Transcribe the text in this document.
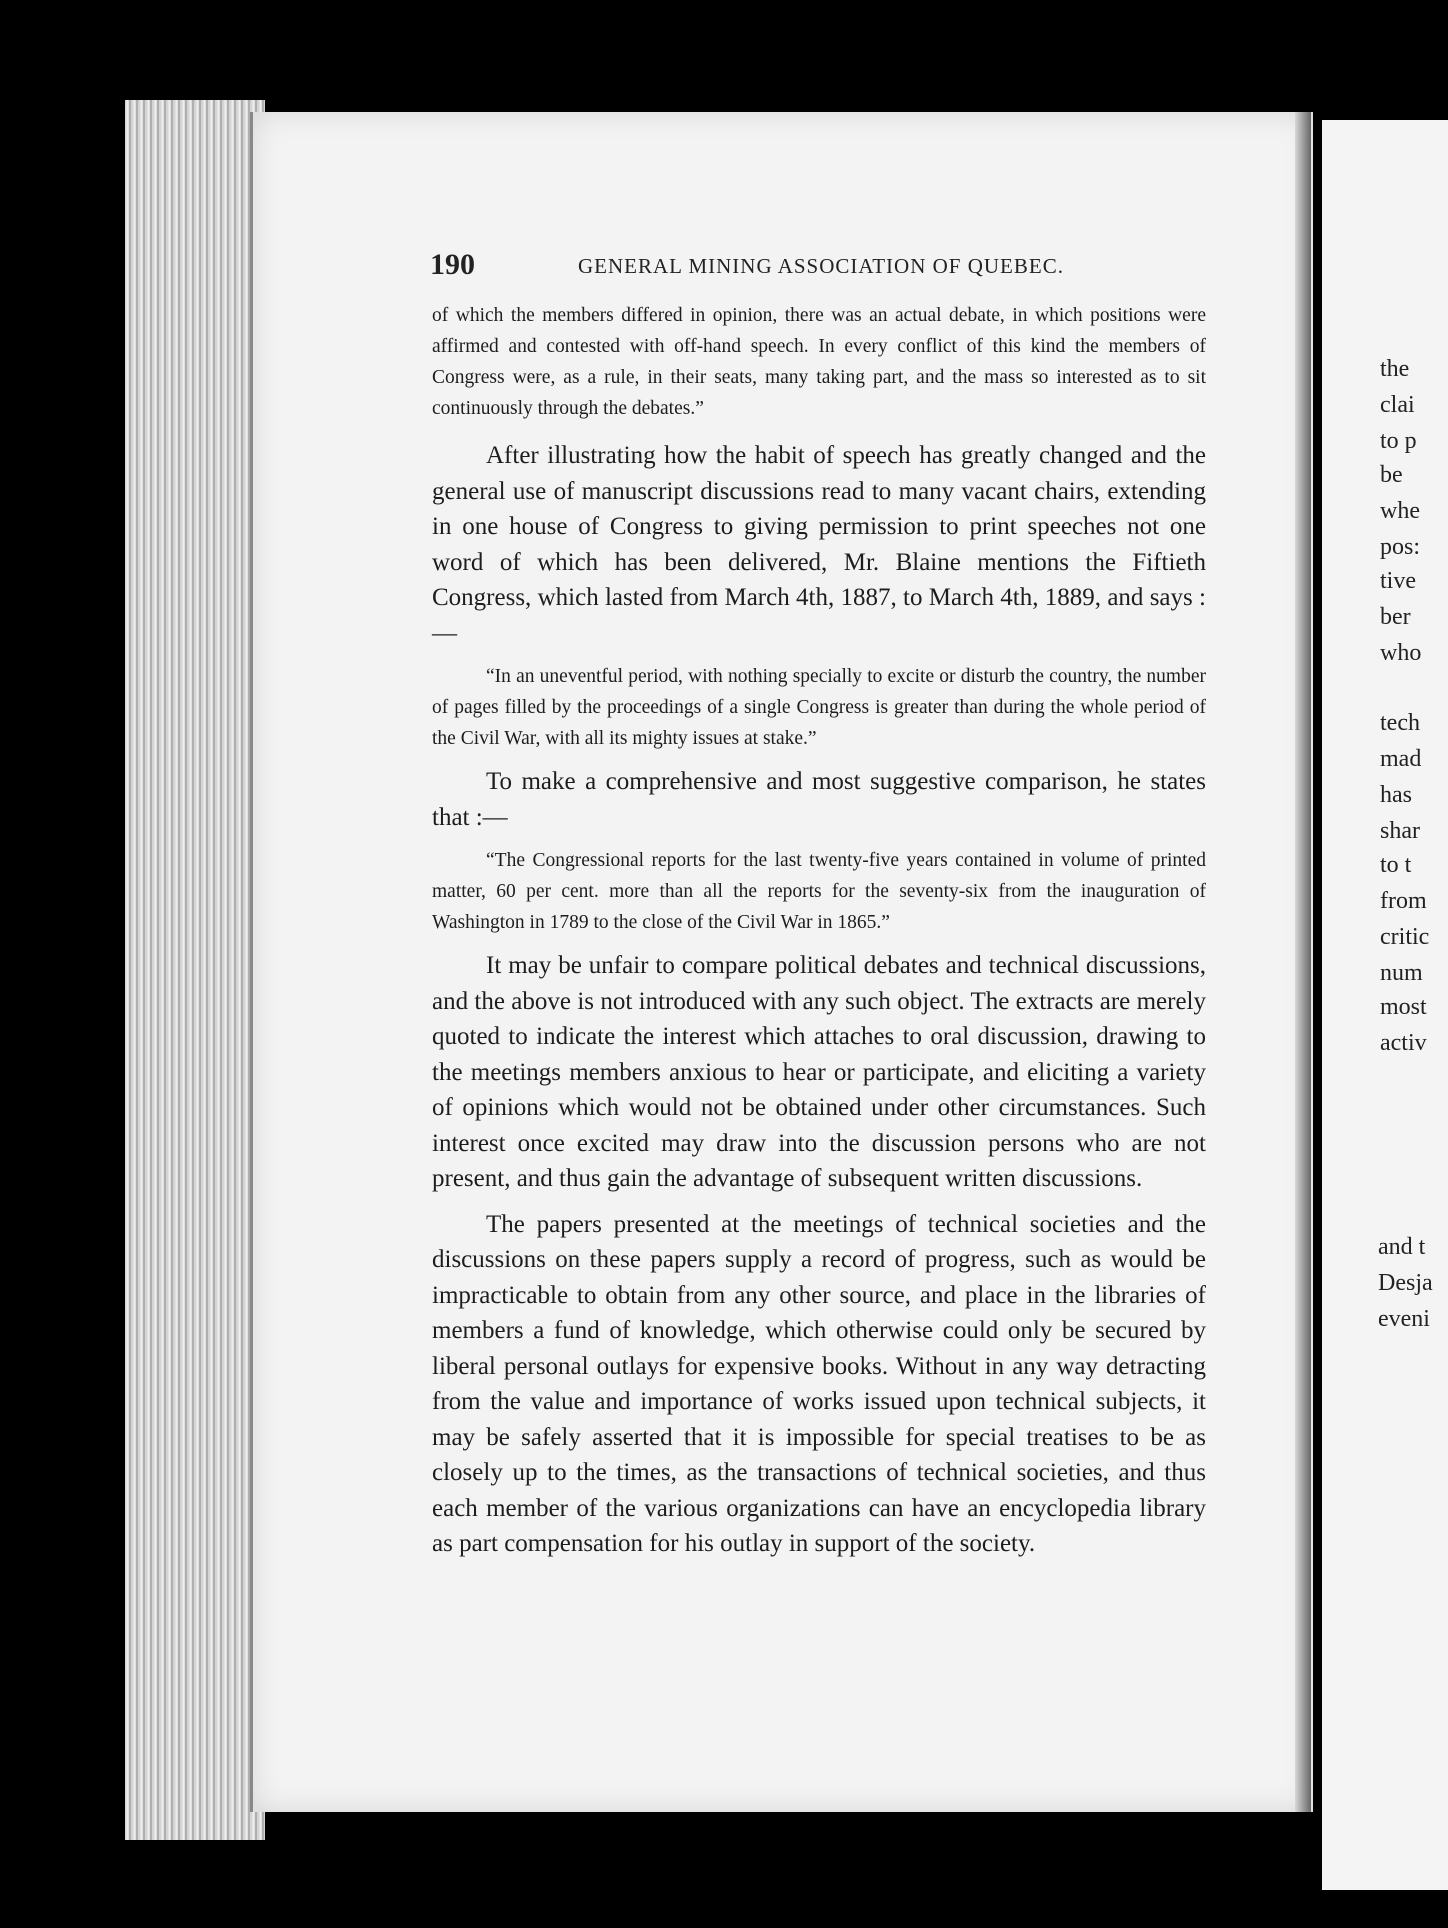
190	GENERAL MINING ASSOCIATION OF QUEBEC.

of which the members differed in opinion, there was an actual debate, in which positions were affirmed and contested with off-hand speech. In every conflict of this kind the members of Congress were, as a rule, in their seats, many taking part, and the mass so interested as to sit continuously through the debates.”

After illustrating how the habit of speech has greatly changed and the general use of manuscript discussions read to many vacant chairs, extending in one house of Congress to giving permission to print speeches not one word of which has been delivered, Mr. Blaine mentions the Fiftieth Congress, which lasted from March 4th, 1887, to March 4th, 1889, and says :—

“In an uneventful period, with nothing specially to excite or disturb the country, the number of pages filled by the proceedings of a single Congress is greater than during the whole period of the Civil War, with all its mighty issues at stake.”

To make a comprehensive and most suggestive comparison, he states that :—

“The Congressional reports for the last twenty-five years contained in volume of printed matter, 60 per cent. more than all the reports for the seventy-six from the inauguration of Washington in 1789 to the close of the Civil War in 1865.”

It may be unfair to compare political debates and technical discussions, and the above is not introduced with any such object. The extracts are merely quoted to indicate the interest which attaches to oral discussion, drawing to the meetings members anxious to hear or participate, and eliciting a variety of opinions which would not be obtained under other circumstances. Such interest once excited may draw into the discussion persons who are not present, and thus gain the advantage of subsequent written discussions.

The papers presented at the meetings of technical societies and the discussions on these papers supply a record of progress, such as would be impracticable to obtain from any other source, and place in the libraries of members a fund of knowledge, which otherwise could only be secured by liberal personal outlays for expensive books. Without in any way detracting from the value and importance of works issued upon technical subjects, it may be safely asserted that it is impossible for special treatises to be as closely up to the times, as the transactions of technical societies, and thus each member of the various organizations can have an encyclopedia library as part compensation for his outlay in support of the society.

the
clai
to p
be
whe
pos:
tive
ber
who
tech
mad
has
shar
to t
from
critic
num
most
activ
and t
Desja
eveni
